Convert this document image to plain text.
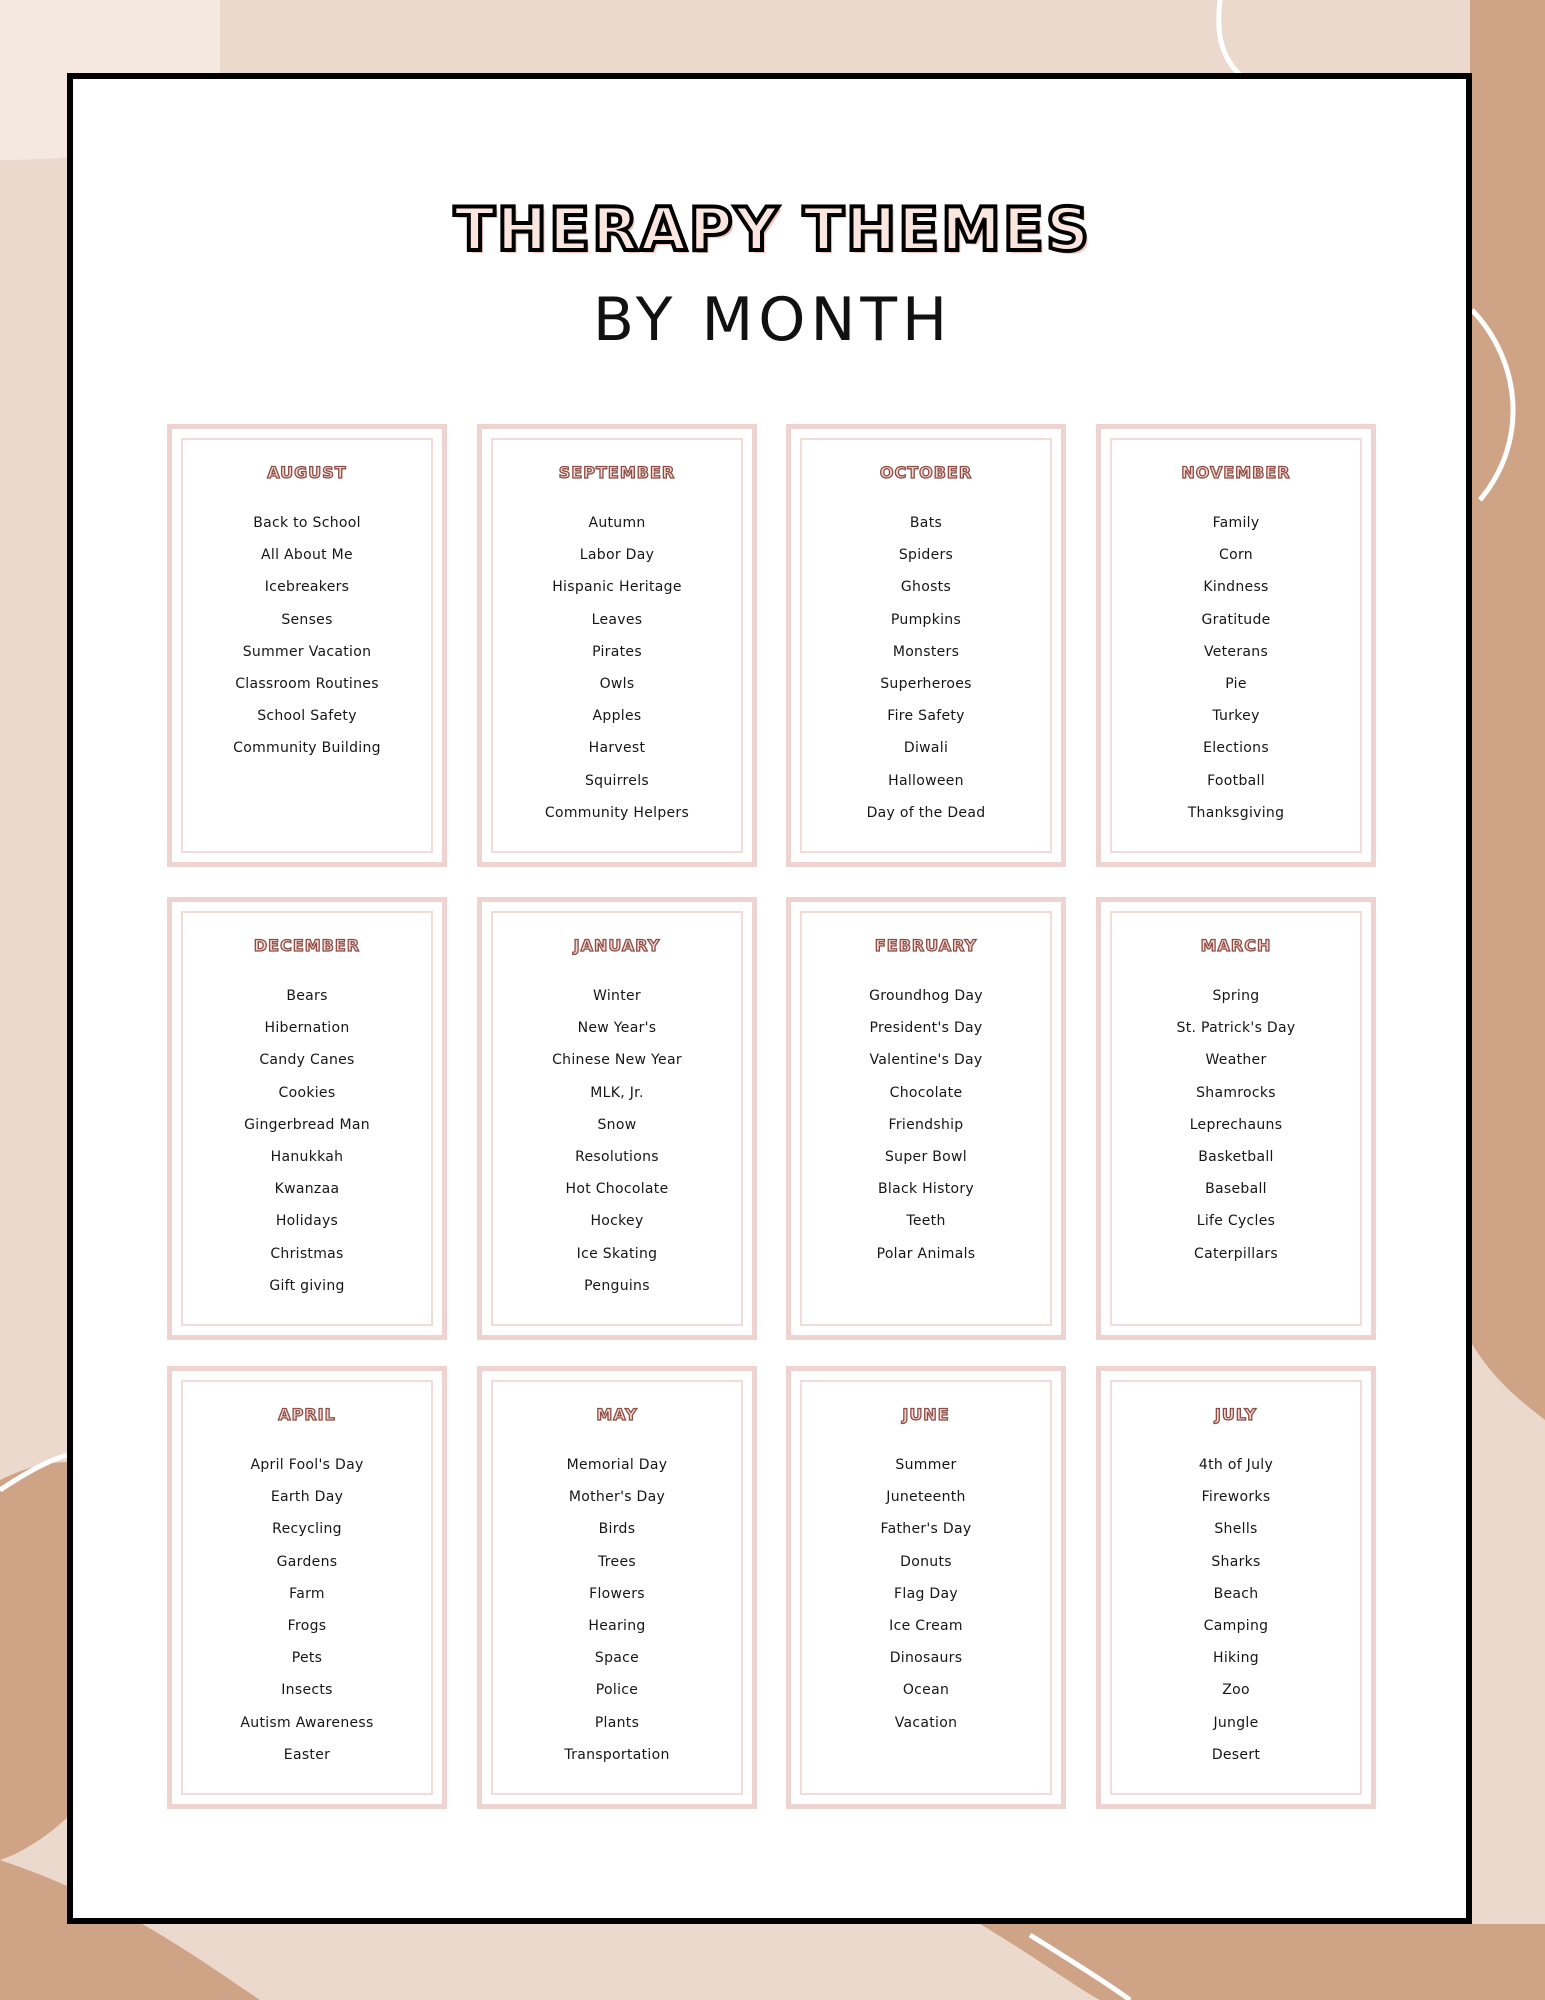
THERAPY THEMES
BY MONTH
AUGUST
Back to School
All About Me
Icebreakers
Senses
Summer Vacation
Classroom Routines
School Safety
Community Building
SEPTEMBER
Autumn
Labor Day
Hispanic Heritage
Leaves
Pirates
Owls
Apples
Harvest
Squirrels
Community Helpers
OCTOBER
Bats
Spiders
Ghosts
Pumpkins
Monsters
Superheroes
Fire Safety
Diwali
Halloween
Day of the Dead
NOVEMBER
Family
Corn
Kindness
Gratitude
Veterans
Pie
Turkey
Elections
Football
Thanksgiving
DECEMBER
Bears
Hibernation
Candy Canes
Cookies
Gingerbread Man
Hanukkah
Kwanzaa
Holidays
Christmas
Gift giving
JANUARY
Winter
New Year's
Chinese New Year
MLK, Jr.
Snow
Resolutions
Hot Chocolate
Hockey
Ice Skating
Penguins
FEBRUARY
Groundhog Day
President's Day
Valentine's Day
Chocolate
Friendship
Super Bowl
Black History
Teeth
Polar Animals
MARCH
Spring
St. Patrick's Day
Weather
Shamrocks
Leprechauns
Basketball
Baseball
Life Cycles
Caterpillars
APRIL
April Fool's Day
Earth Day
Recycling
Gardens
Farm
Frogs
Pets
Insects
Autism Awareness
Easter
MAY
Memorial Day
Mother's Day
Birds
Trees
Flowers
Hearing
Space
Police
Plants
Transportation
JUNE
Summer
Juneteenth
Father's Day
Donuts
Flag Day
Ice Cream
Dinosaurs
Ocean
Vacation
JULY
4th of July
Fireworks
Shells
Sharks
Beach
Camping
Hiking
Zoo
Jungle
Desert
